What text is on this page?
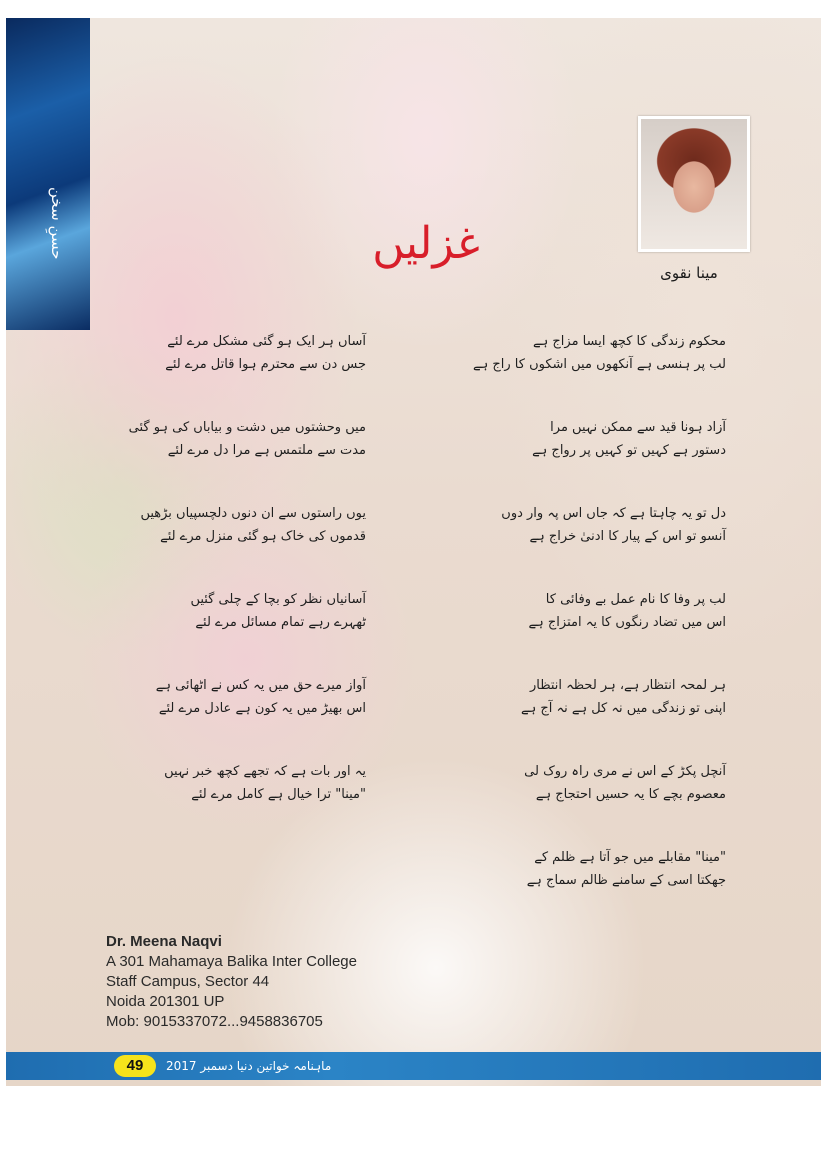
حسنِ سخن
مینا نقوی
غزلیں
محکوم زندگی کا کچھ ایسا مزاج ہے
لب پر ہنسی ہے آنکھوں میں اشکوں کا راج ہے
آزاد ہونا قید سے ممکن نہیں مرا
دستور ہے کہیں تو کہیں پر رواج ہے
دل تو یہ چاہتا ہے کہ جاں اس پہ وار دوں
آنسو تو اس کے پیار کا ادنیٰ خراج ہے
لب پر وفا کا نام عمل بے وفائی کا
اس میں تضاد رنگوں کا یہ امتزاج ہے
ہر لمحہ انتظار ہے، ہر لحظہ انتظار
اپنی تو زندگی میں نہ کل ہے نہ آج ہے
آنچل پکڑ کے اس نے مری راہ روک لی
معصوم بچے کا یہ حسیں احتجاج ہے
"مینا" مقابلے میں جو آتا ہے ظلم کے
جھکتا اسی کے سامنے ظالم سماج ہے
آساں ہر ایک ہو گئی مشکل مرے لئے
جس دن سے محترم ہوا قاتل مرے لئے
میں وحشتوں میں دشت و بیاباں کی ہو گئی
مدت سے ملتمس ہے مرا دل مرے لئے
یوں راستوں سے ان دنوں دلچسپیاں بڑھیں
قدموں کی خاک ہو گئی منزل مرے لئے
آسانیاں نظر کو بچا کے چلی گئیں
ٹھہرے رہے تمام مسائل مرے لئے
آواز میرے حق میں یہ کس نے اٹھائی ہے
اس بھیڑ میں یہ کون ہے عادل مرے لئے
یہ اور بات ہے کہ تجھے کچھ خبر نہیں
"مینا" ترا خیال ہے کامل مرے لئے
Dr. Meena Naqvi
A 301 Mahamaya Balika Inter College
Staff Campus, Sector 44
Noida 201301 UP
Mob: 9015337072...9458836705
49	ماہنامہ خواتین دنیا دسمبر 2017
